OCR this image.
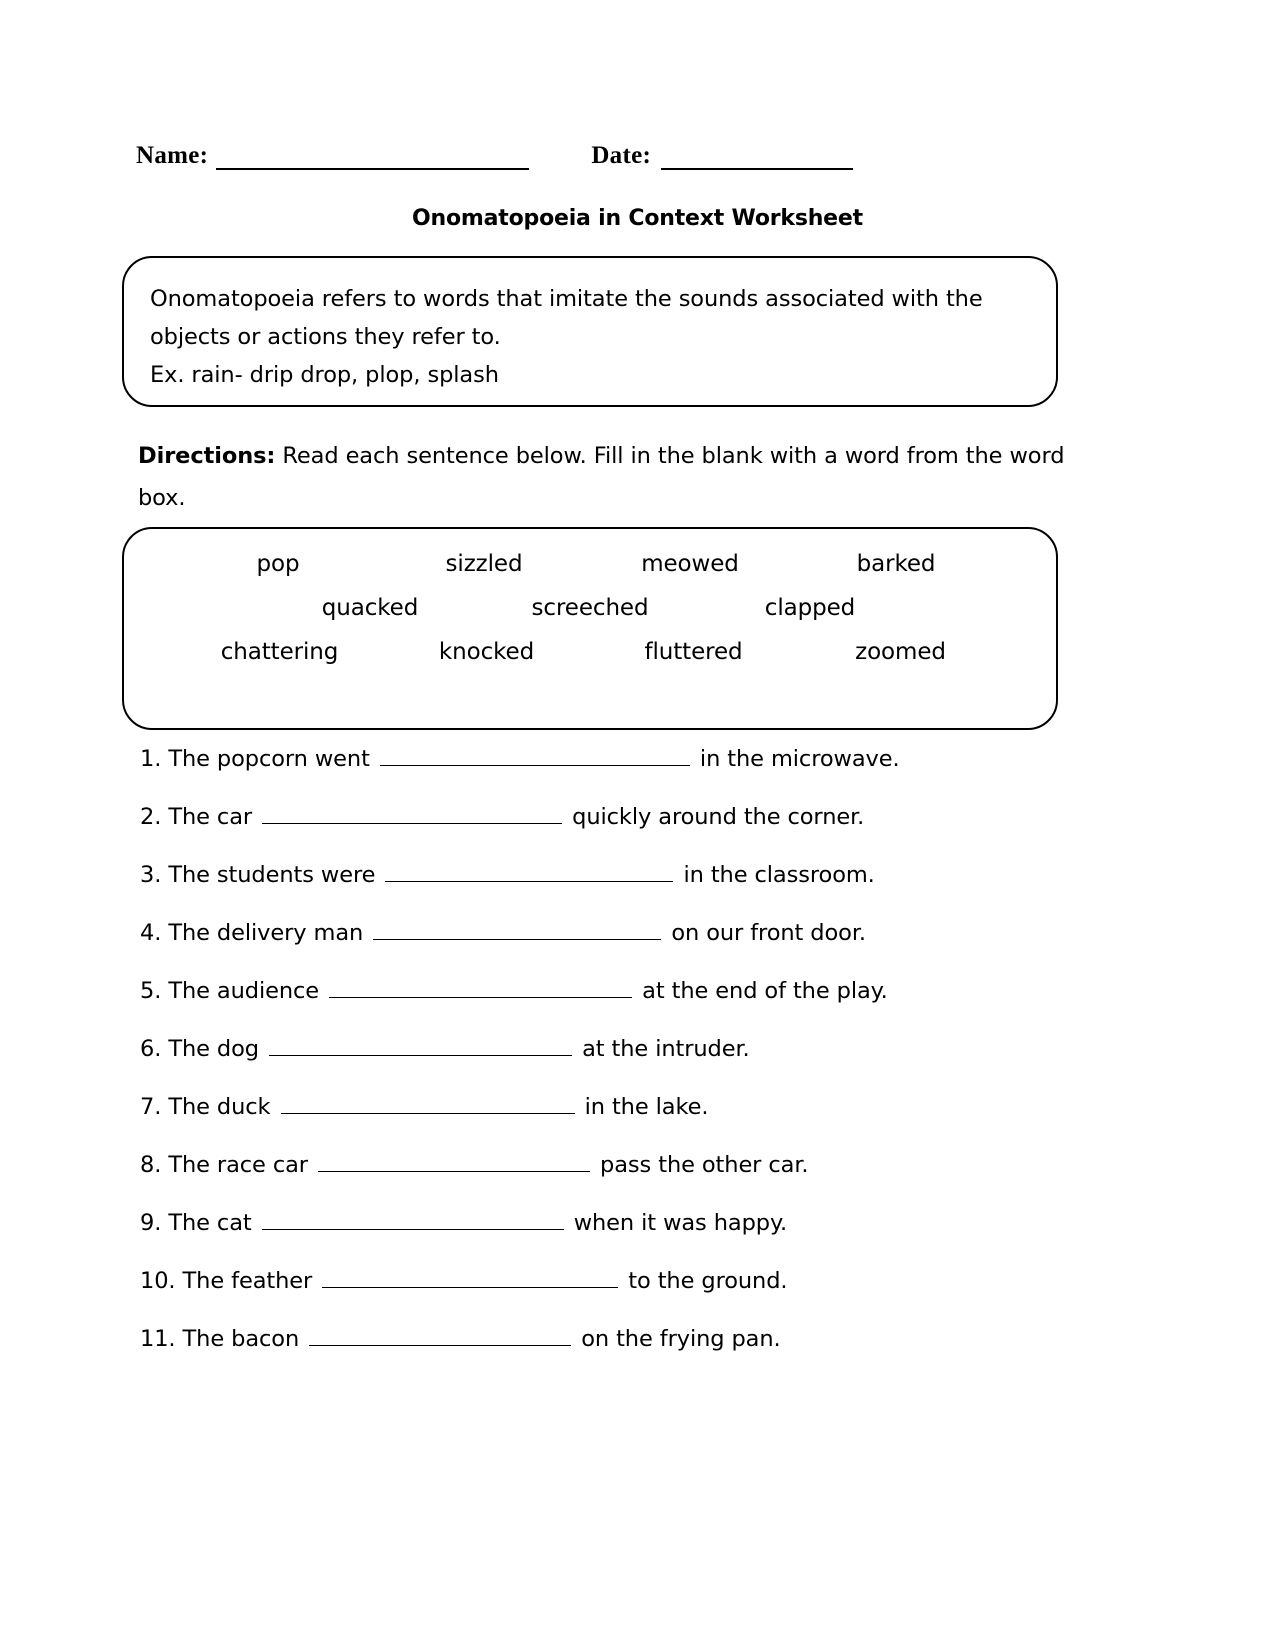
Name:	Date:
Onomatopoeia in Context Worksheet
Onomatopoeia refers to words that imitate the sounds associated with the
objects or actions they refer to.
Ex. rain- drip drop, plop, splash
Directions: Read each sentence below. Fill in the blank with a word from the word box.
pop	sizzled	meowed	barked
quacked	screeched	clapped
chattering	knocked	fluttered	zoomed
1. The popcorn went	in the microwave.
2. The car	quickly around the corner.
3. The students were	in the classroom.
4. The delivery man	on our front door.
5. The audience	at the end of the play.
6. The dog	at the intruder.
7. The duck	in the lake.
8. The race car	pass the other car.
9. The cat	when it was happy.
10. The feather	to the ground.
11. The bacon	on the frying pan.
